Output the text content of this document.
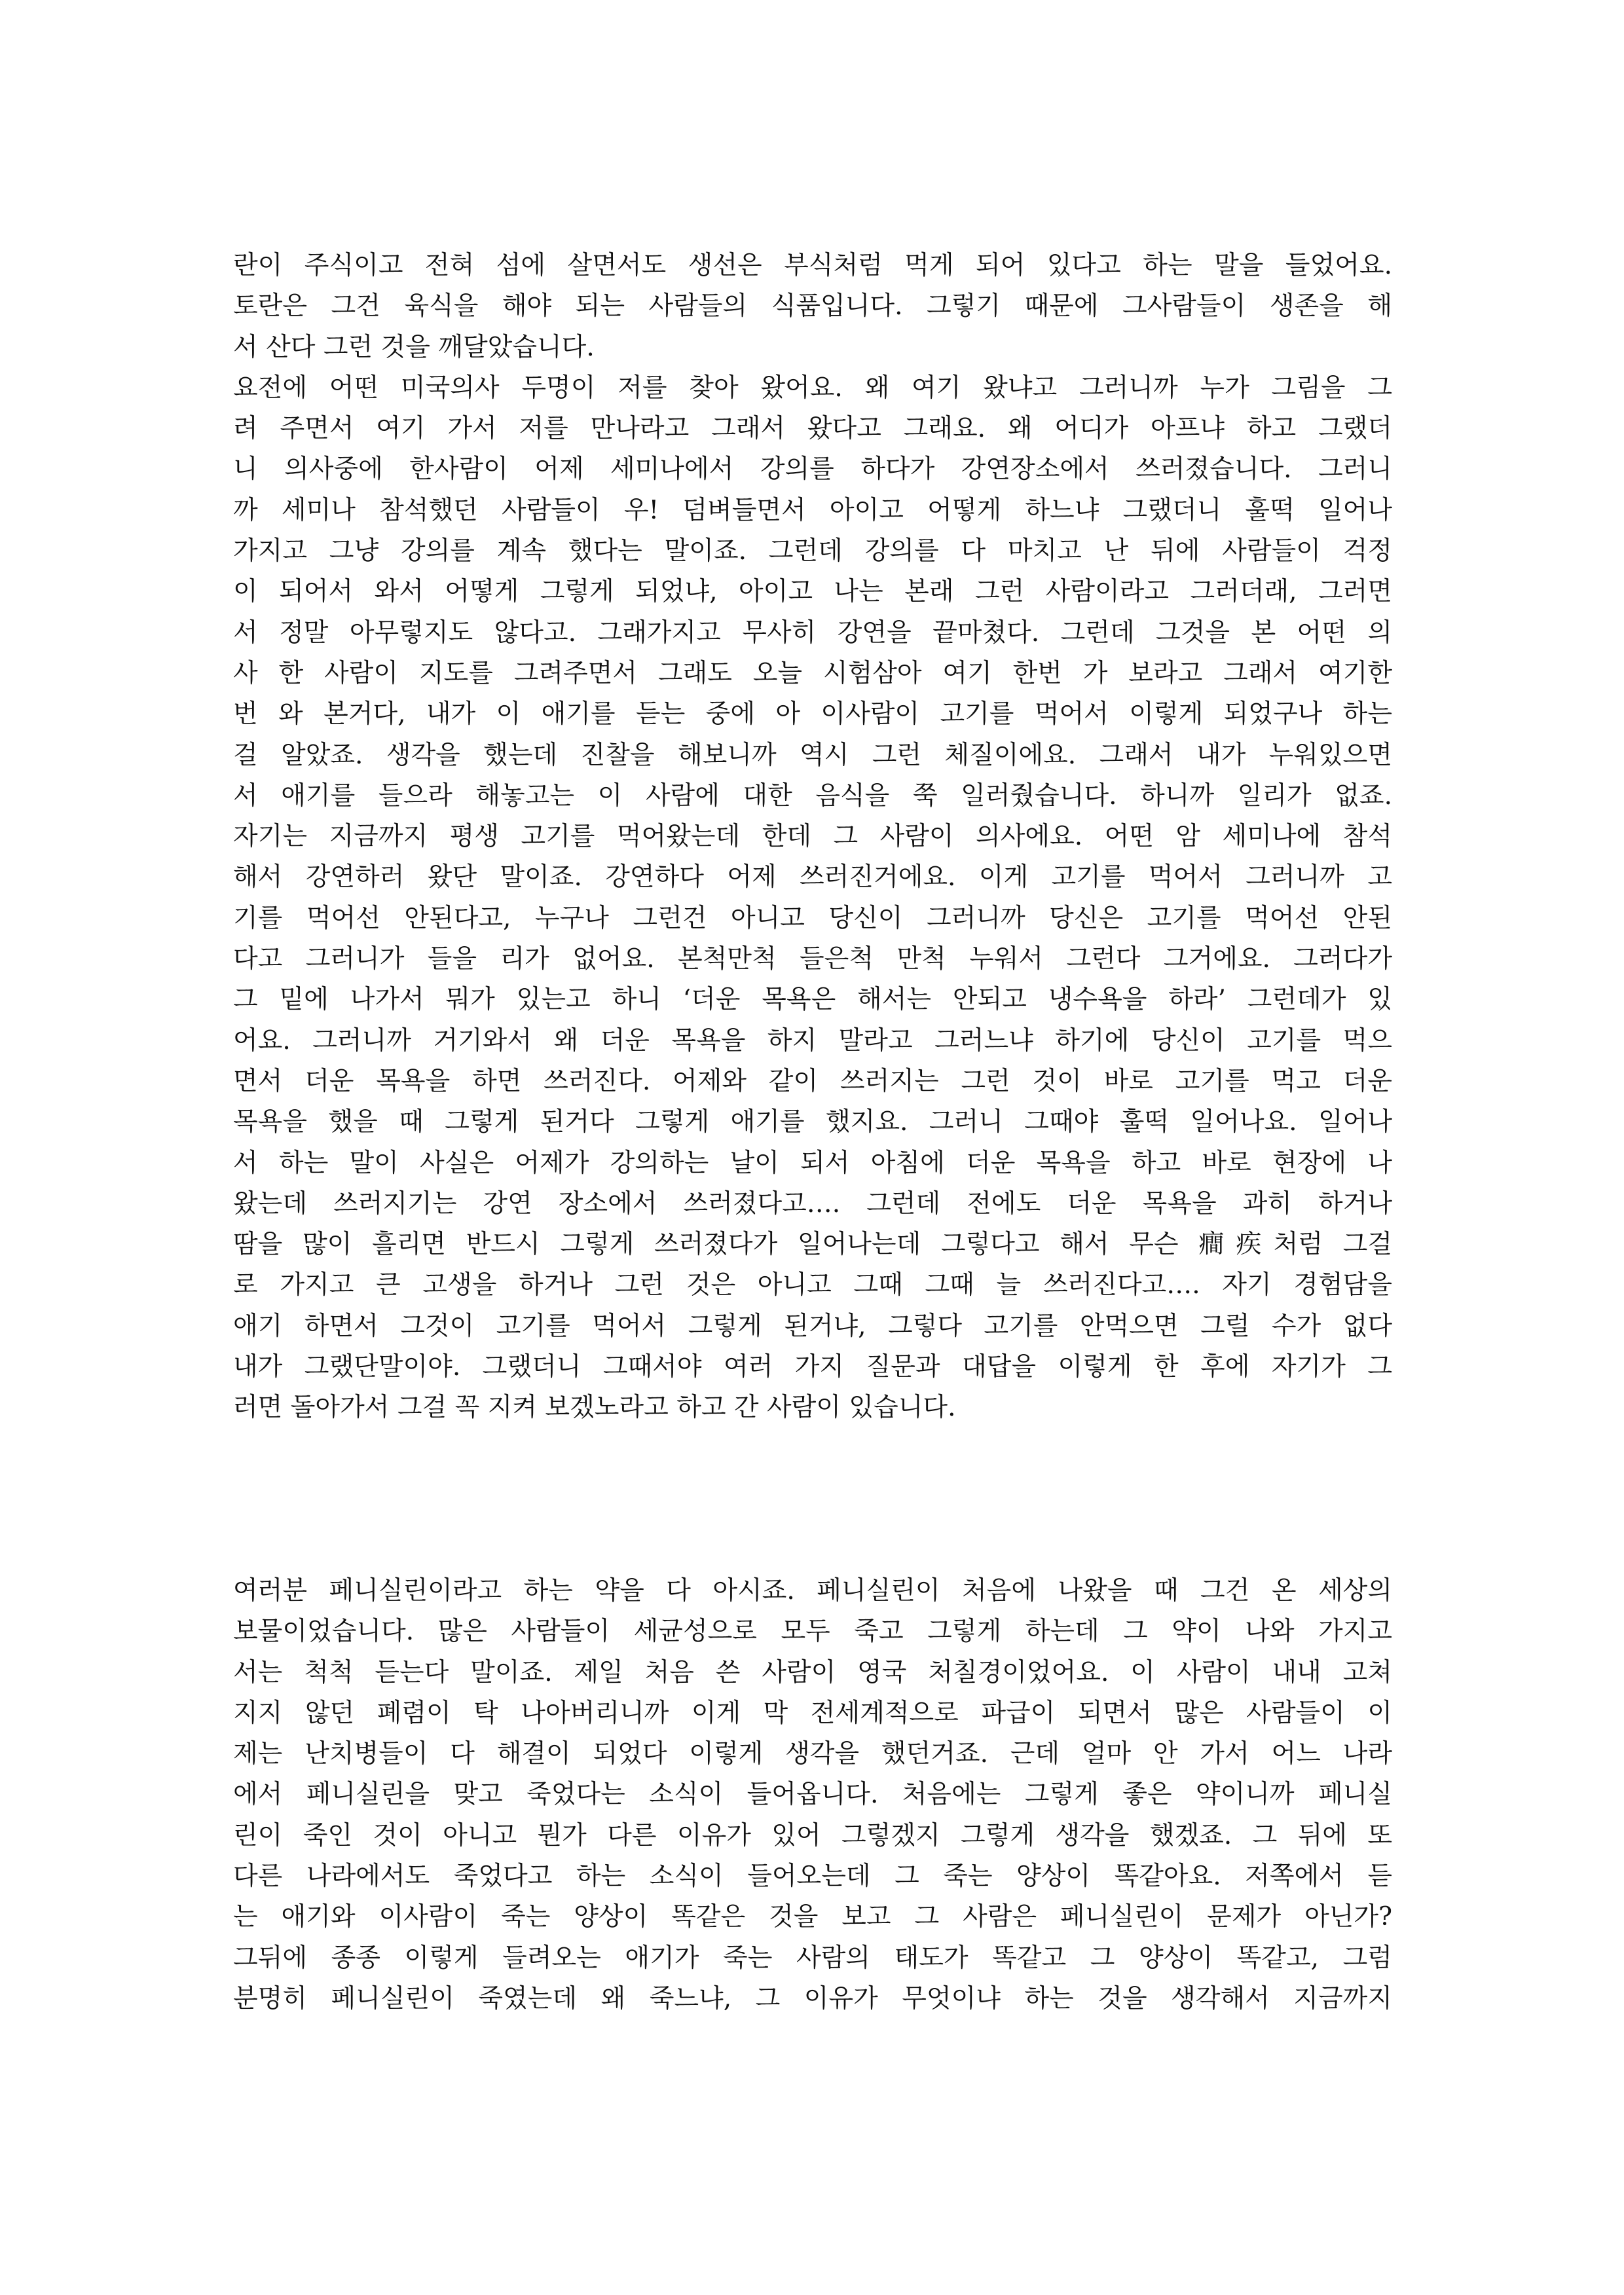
란이 주식이고 전혀 섬에 살면서도 생선은 부식처럼 먹게 되어 있다고 하는 말을 들었어요.
토란은 그건 육식을 해야 되는 사람들의 식품입니다. 그렇기 때문에 그사람들이 생존을 해
서 산다 그런 것을 깨달았습니다.
요전에 어떤 미국의사 두명이 저를 찾아 왔어요. 왜 여기 왔냐고 그러니까 누가 그림을 그
려 주면서 여기 가서 저를 만나라고 그래서 왔다고 그래요. 왜 어디가 아프냐 하고 그랬더
니 의사중에 한사람이 어제 세미나에서 강의를 하다가 강연장소에서 쓰러졌습니다. 그러니
까 세미나 참석했던 사람들이 우! 덤벼들면서 아이고 어떻게 하느냐 그랬더니 훌떡 일어나
가지고 그냥 강의를 계속 했다는 말이죠. 그런데 강의를 다 마치고 난 뒤에 사람들이 걱정
이 되어서 와서 어떻게 그렇게 되었냐, 아이고 나는 본래 그런 사람이라고 그러더래, 그러면
서 정말 아무렇지도 않다고. 그래가지고 무사히 강연을 끝마쳤다. 그런데 그것을 본 어떤 의
사 한 사람이 지도를 그려주면서 그래도 오늘 시험삼아 여기 한번 가 보라고 그래서 여기한
번 와 본거다, 내가 이 애기를 듣는 중에 아 이사람이 고기를 먹어서 이렇게 되었구나 하는
걸 알았죠. 생각을 했는데 진찰을 해보니까 역시 그런 체질이에요. 그래서 내가 누워있으면
서 애기를 들으라 해놓고는 이 사람에 대한 음식을 쭉 일러줬습니다. 하니까 일리가 없죠.
자기는 지금까지 평생 고기를 먹어왔는데 한데 그 사람이 의사에요. 어떤 암 세미나에 참석
해서 강연하러 왔단 말이죠. 강연하다 어제 쓰러진거에요. 이게 고기를 먹어서 그러니까 고
기를 먹어선 안된다고, 누구나 그런건 아니고 당신이 그러니까 당신은 고기를 먹어선 안된
다고 그러니가 들을 리가 없어요. 본척만척 들은척 만척 누워서 그런다 그거에요. 그러다가
그 밑에 나가서 뭐가 있는고 하니 ‘더운 목욕은 해서는 안되고 냉수욕을 하라’ 그런데가 있
어요. 그러니까 거기와서 왜 더운 목욕을 하지 말라고 그러느냐 하기에 당신이 고기를 먹으
면서 더운 목욕을 하면 쓰러진다. 어제와 같이 쓰러지는 그런 것이 바로 고기를 먹고 더운
목욕을 했을 때 그렇게 된거다 그렇게 애기를 했지요. 그러니 그때야 훌떡 일어나요. 일어나
서 하는 말이 사실은 어제가 강의하는 날이 되서 아침에 더운 목욕을 하고 바로 현장에 나
왔는데 쓰러지기는 강연 장소에서 쓰러졌다고…. 그런데 전에도 더운 목욕을 과히 하거나
땀을 많이 흘리면 반드시 그렇게 쓰러졌다가 일어나는데 그렇다고 해서 무슨 癎疾처럼 그걸
로 가지고 큰 고생을 하거나 그런 것은 아니고 그때 그때 늘 쓰러진다고…. 자기 경험담을
애기 하면서 그것이 고기를 먹어서 그렇게 된거냐, 그렇다 고기를 안먹으면 그럴 수가 없다
내가 그랬단말이야. 그랬더니 그때서야 여러 가지 질문과 대답을 이렇게 한 후에 자기가 그
러면 돌아가서 그걸 꼭 지켜 보겠노라고 하고 간 사람이 있습니다.
여러분 페니실린이라고 하는 약을 다 아시죠. 페니실린이 처음에 나왔을 때 그건 온 세상의
보물이었습니다. 많은 사람들이 세균성으로 모두 죽고 그렇게 하는데 그 약이 나와 가지고
서는 척척 듣는다 말이죠. 제일 처음 쓴 사람이 영국 처칠경이었어요. 이 사람이 내내 고쳐
지지 않던 폐렴이 탁 나아버리니까 이게 막 전세계적으로 파급이 되면서 많은 사람들이 이
제는 난치병들이 다 해결이 되었다 이렇게 생각을 했던거죠. 근데 얼마 안 가서 어느 나라
에서 페니실린을 맞고 죽었다는 소식이 들어옵니다. 처음에는 그렇게 좋은 약이니까 페니실
린이 죽인 것이 아니고 뭔가 다른 이유가 있어 그렇겠지 그렇게 생각을 했겠죠. 그 뒤에 또
다른 나라에서도 죽었다고 하는 소식이 들어오는데 그 죽는 양상이 똑같아요. 저쪽에서 듣
는 애기와 이사람이 죽는 양상이 똑같은 것을 보고 그 사람은 페니실린이 문제가 아닌가?
그뒤에 종종 이렇게 들려오는 애기가 죽는 사람의 태도가 똑같고 그 양상이 똑같고, 그럼
분명히 페니실린이 죽였는데 왜 죽느냐, 그 이유가 무엇이냐 하는 것을 생각해서 지금까지
